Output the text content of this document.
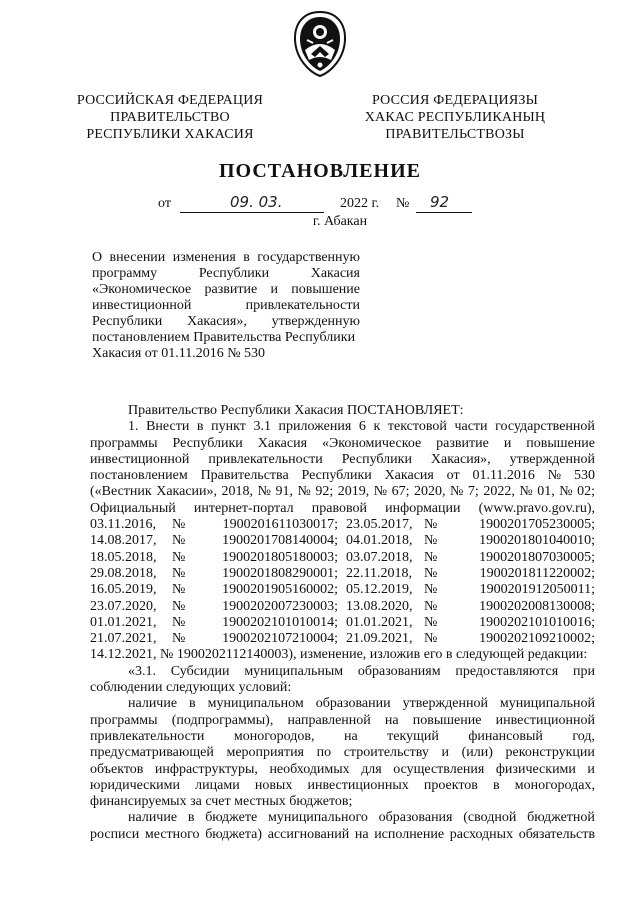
РОССИЙСКАЯ ФЕДЕРАЦИЯ
ПРАВИТЕЛЬСТВО
РЕСПУБЛИКИ ХАКАСИЯ
РОССИЯ ФЕДЕРАЦИЯЗЫ
ХАКАС РЕСПУБЛИКАНЫҢ
ПРАВИТЕЛЬСТВОЗЫ
ПОСТАНОВЛЕНИЕ
от	09. 03.	2022 г. № 92
г. Абакан
О внесении изменения в государственную
программу Республики Хакасия
«Экономическое развитие и повышение
инвестиционной привлекательности
Республики Хакасия», утвержденную
постановлением Правительства Республики
Хакасия от 01.11.2016 № 530
Правительство Республики Хакасия ПОСТАНОВЛЯЕТ:
1. Внести в пункт 3.1 приложения 6 к текстовой части государственной
программы Республики Хакасия «Экономическое развитие и повышение
инвестиционной привлекательности Республики Хакасия», утвержденной
постановлением Правительства Республики Хакасия от 01.11.2016 № 530
(«Вестник Хакасии», 2018, № 91, № 92; 2019, № 67; 2020, № 7; 2022, № 01, № 02;
Официальный интернет-портал правовой информации (www.pravo.gov.ru),
03.11.2016,	№	1900201611030017; 23.05.2017, №	1900201705230005;
14.08.2017,	№	1900201708140004; 04.01.2018, №	1900201801040010;
18.05.2018,	№	1900201805180003; 03.07.2018, №	1900201807030005;
29.08.2018,	№	1900201808290001; 22.11.2018, №	1900201811220002;
16.05.2019,	№	1900201905160002; 05.12.2019, №	1900201912050011;
23.07.2020,	№	1900202007230003; 13.08.2020, №	1900202008130008;
01.01.2021,	№	1900202101010014; 01.01.2021, №	1900202101010016;
21.07.2021,	№	1900202107210004; 21.09.2021, №	1900202109210002;
14.12.2021, № 1900202112140003), изменение, изложив его в следующей редакции:
«3.1. Субсидии муниципальным образованиям предоставляются при
соблюдении следующих условий:
наличие в муниципальном образовании утвержденной муниципальной
программы (подпрограммы), направленной на повышение инвестиционной
привлекательности моногородов, на текущий финансовый год,
предусматривающей мероприятия по строительству и (или) реконструкции
объектов инфраструктуры, необходимых для осуществления физическими и
юридическими лицами новых инвестиционных проектов в моногородах,
финансируемых за счет местных бюджетов;
наличие в бюджете муниципального образования (сводной бюджетной
росписи местного бюджета) ассигнований на исполнение расходных обязательств
